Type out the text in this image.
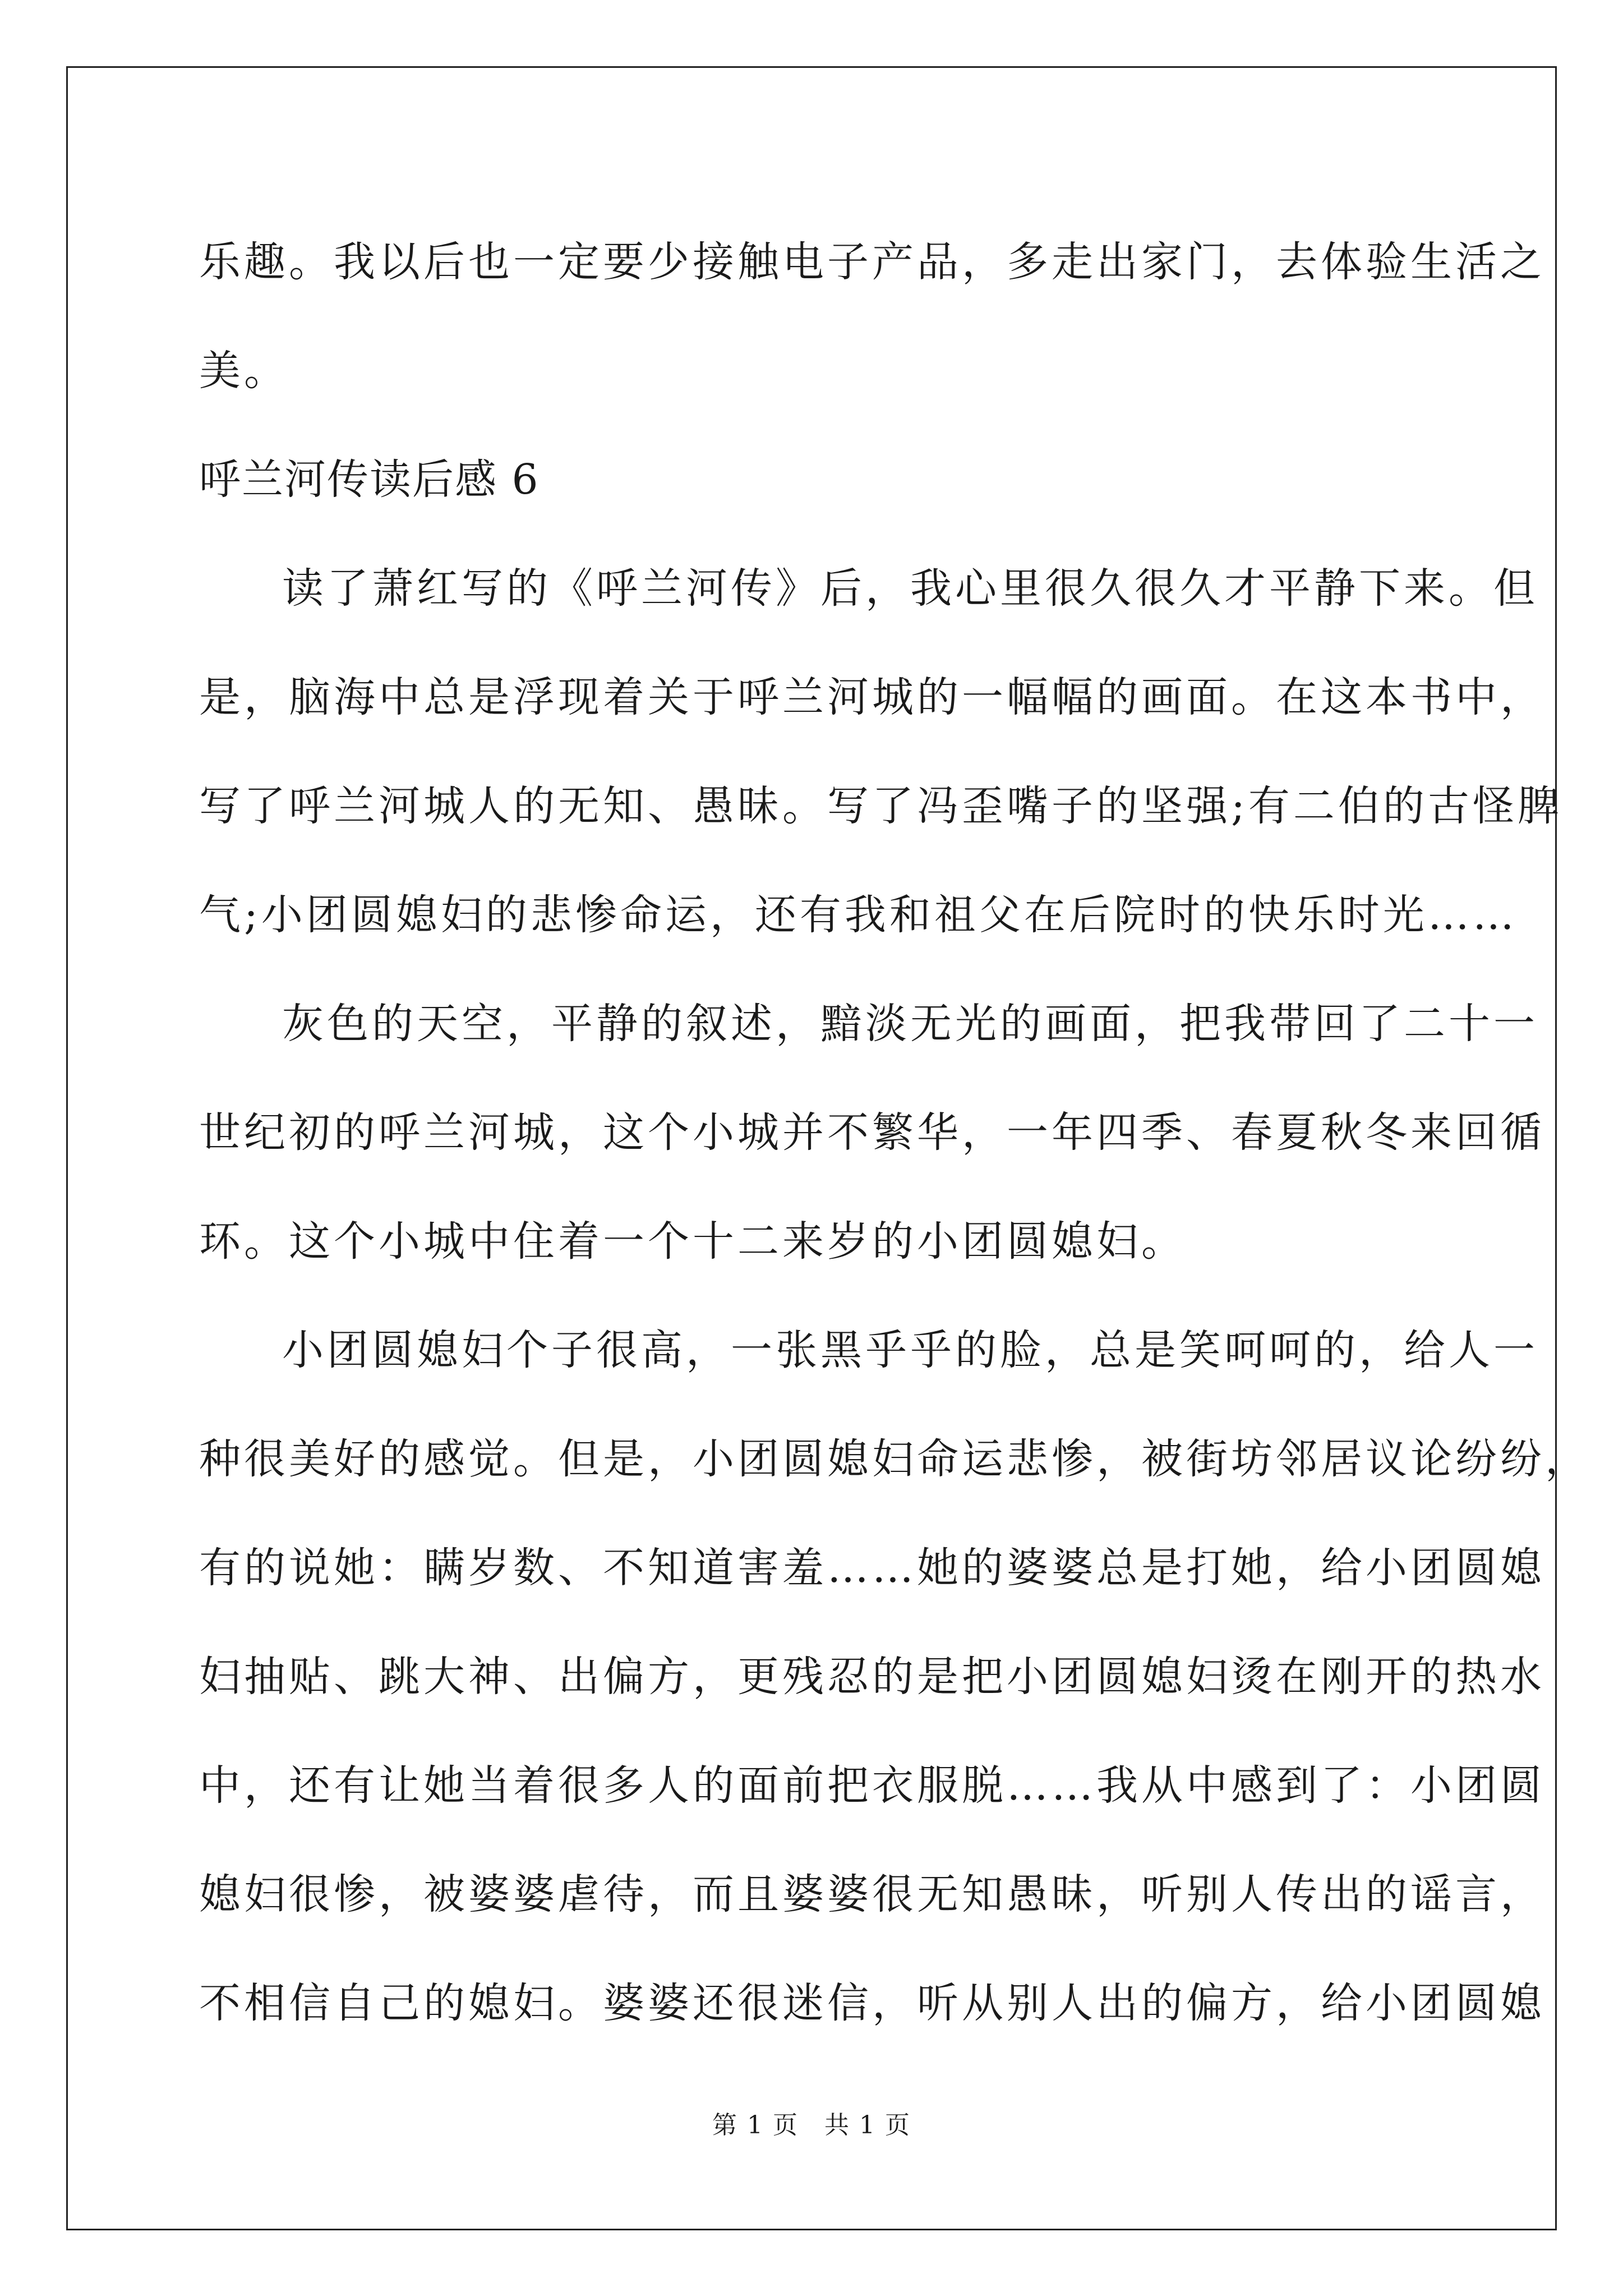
乐趣。我以后也一定要少接触电子产品，多走出家门，去体验生活之
美。
呼兰河传读后感 6
读了萧红写的《呼兰河传》后，我心里很久很久才平静下来。但
是，脑海中总是浮现着关于呼兰河城的一幅幅的画面。在这本书中，
写了呼兰河城人的无知、愚昧。写了冯歪嘴子的坚强;有二伯的古怪脾
气;小团圆媳妇的悲惨命运，还有我和祖父在后院时的快乐时光……
灰色的天空，平静的叙述，黯淡无光的画面，把我带回了二十一
世纪初的呼兰河城，这个小城并不繁华，一年四季、春夏秋冬来回循
环。这个小城中住着一个十二来岁的小团圆媳妇。
小团圆媳妇个子很高，一张黑乎乎的脸，总是笑呵呵的，给人一
种很美好的感觉。但是，小团圆媳妇命运悲惨，被街坊邻居议论纷纷，
有的说她：瞒岁数、不知道害羞……她的婆婆总是打她，给小团圆媳
妇抽贴、跳大神、出偏方，更残忍的是把小团圆媳妇烫在刚开的热水
中，还有让她当着很多人的面前把衣服脱……我从中感到了：小团圆
媳妇很惨，被婆婆虐待，而且婆婆很无知愚昧，听别人传出的谣言，
不相信自己的媳妇。婆婆还很迷信，听从别人出的偏方，给小团圆媳
第 1 页　共 1 页
